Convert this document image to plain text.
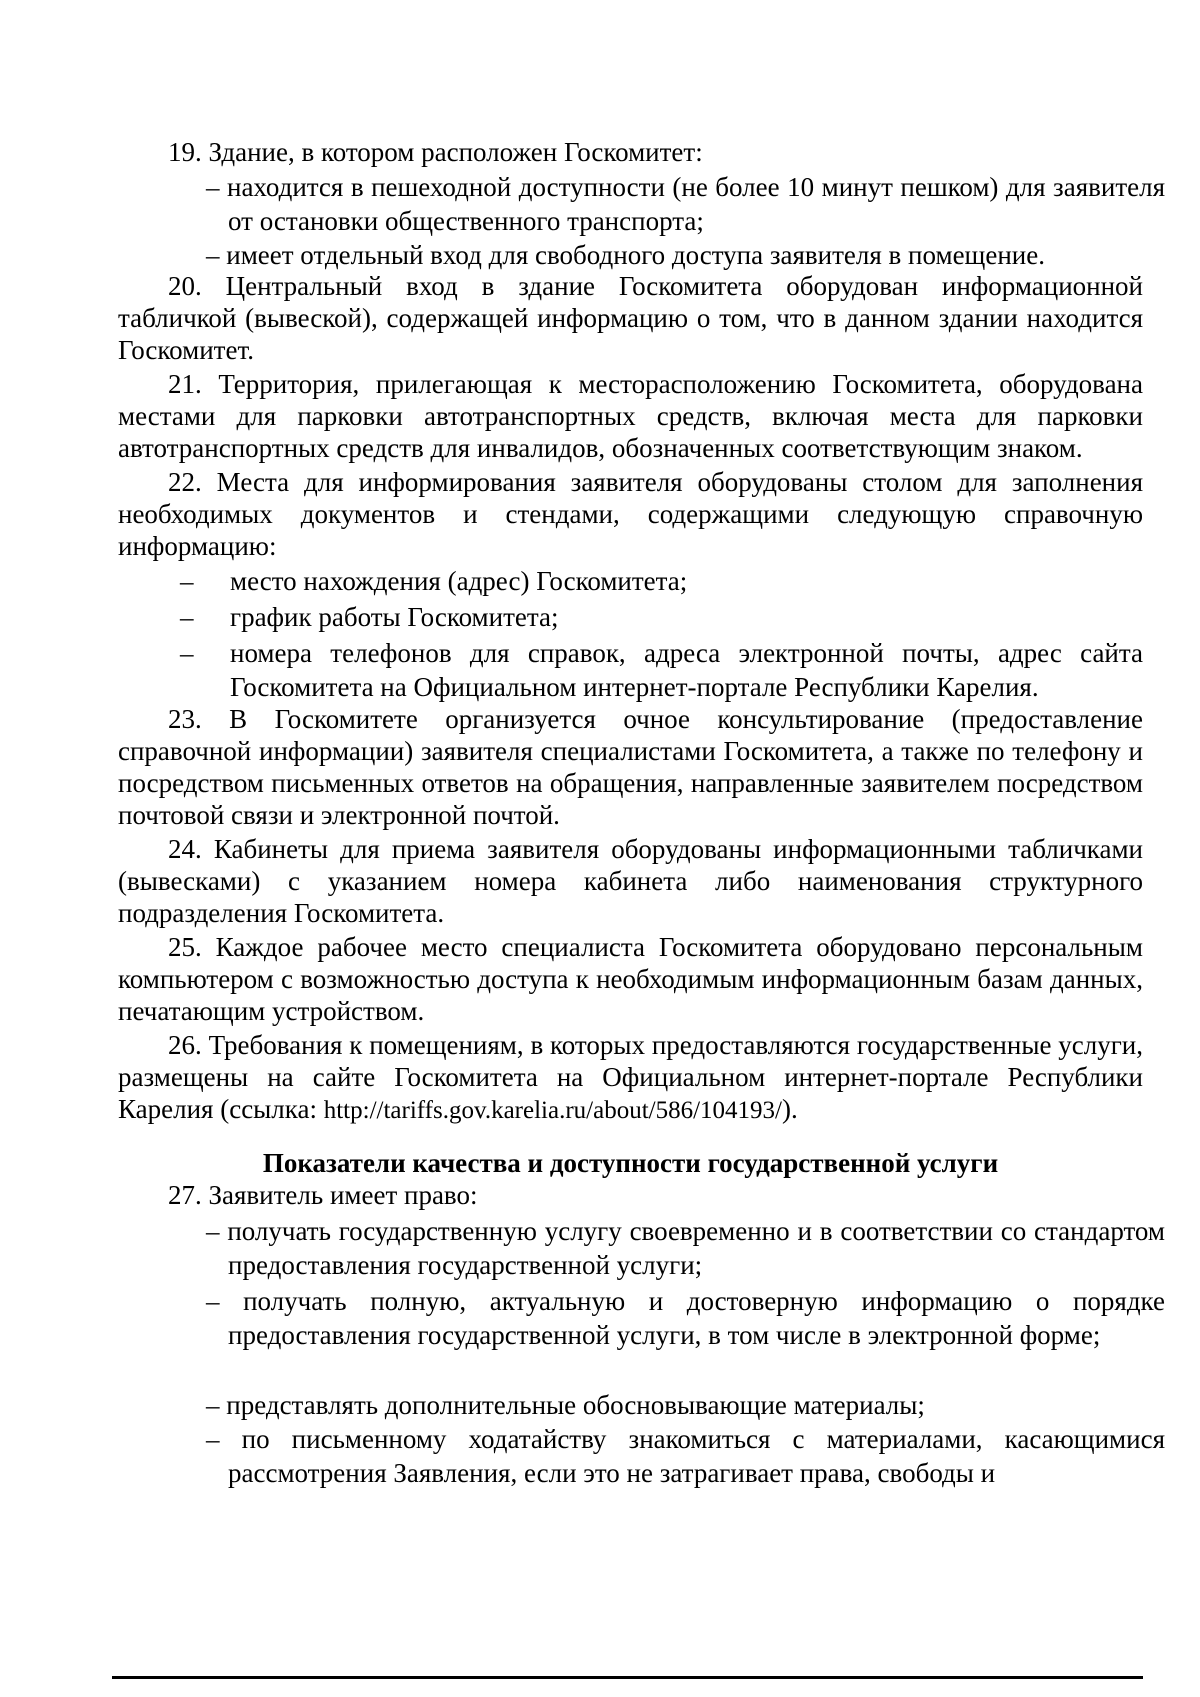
19. Здание, в котором расположен Госкомитет:
– находится в пешеходной доступности (не более 10 минут пешком) для заявителя от остановки общественного транспорта;
– имеет отдельный вход для свободного доступа заявителя в помещение.
20. Центральный вход в здание Госкомитета оборудован информационной табличкой (вывеской), содержащей информацию о том, что в данном здании находится Госкомитет.
21. Территория, прилегающая к месторасположению Госкомитета, оборудована местами для парковки автотранспортных средств, включая места для парковки автотранспортных средств для инвалидов, обозначенных соответствующим знаком.
22. Места для информирования заявителя оборудованы столом для заполнения необходимых документов и стендами, содержащими следующую справочную информацию:
– место нахождения (адрес) Госкомитета;
– график работы Госкомитета;
– номера телефонов для справок, адреса электронной почты, адрес сайта Госкомитета на Официальном интернет-портале Республики Карелия.
23. В Госкомитете организуется очное консультирование (предоставление справочной информации) заявителя специалистами Госкомитета, а также по телефону и посредством письменных ответов на обращения, направленные заявителем посредством почтовой связи и электронной почтой.
24. Кабинеты для приема заявителя оборудованы информационными табличками (вывесками) с указанием номера кабинета либо наименования структурного подразделения Госкомитета.
25. Каждое рабочее место специалиста Госкомитета оборудовано персональным компьютером с возможностью доступа к необходимым информационным базам данных, печатающим устройством.
26. Требования к помещениям, в которых предоставляются государственные услуги, размещены на сайте Госкомитета на Официальном интернет-портале Республики Карелия (ссылка: http://tariffs.gov.karelia.ru/about/586/104193/).
Показатели качества и доступности государственной услуги
27. Заявитель имеет право:
– получать государственную услугу своевременно и в соответствии со стандартом предоставления государственной услуги;
– получать полную, актуальную и достоверную информацию о порядке предоставления государственной услуги, в том числе в электронной форме;
– представлять дополнительные обосновывающие материалы;
– по письменному ходатайству знакомиться с материалами, касающимися рассмотрения Заявления, если это не затрагивает права, свободы и
